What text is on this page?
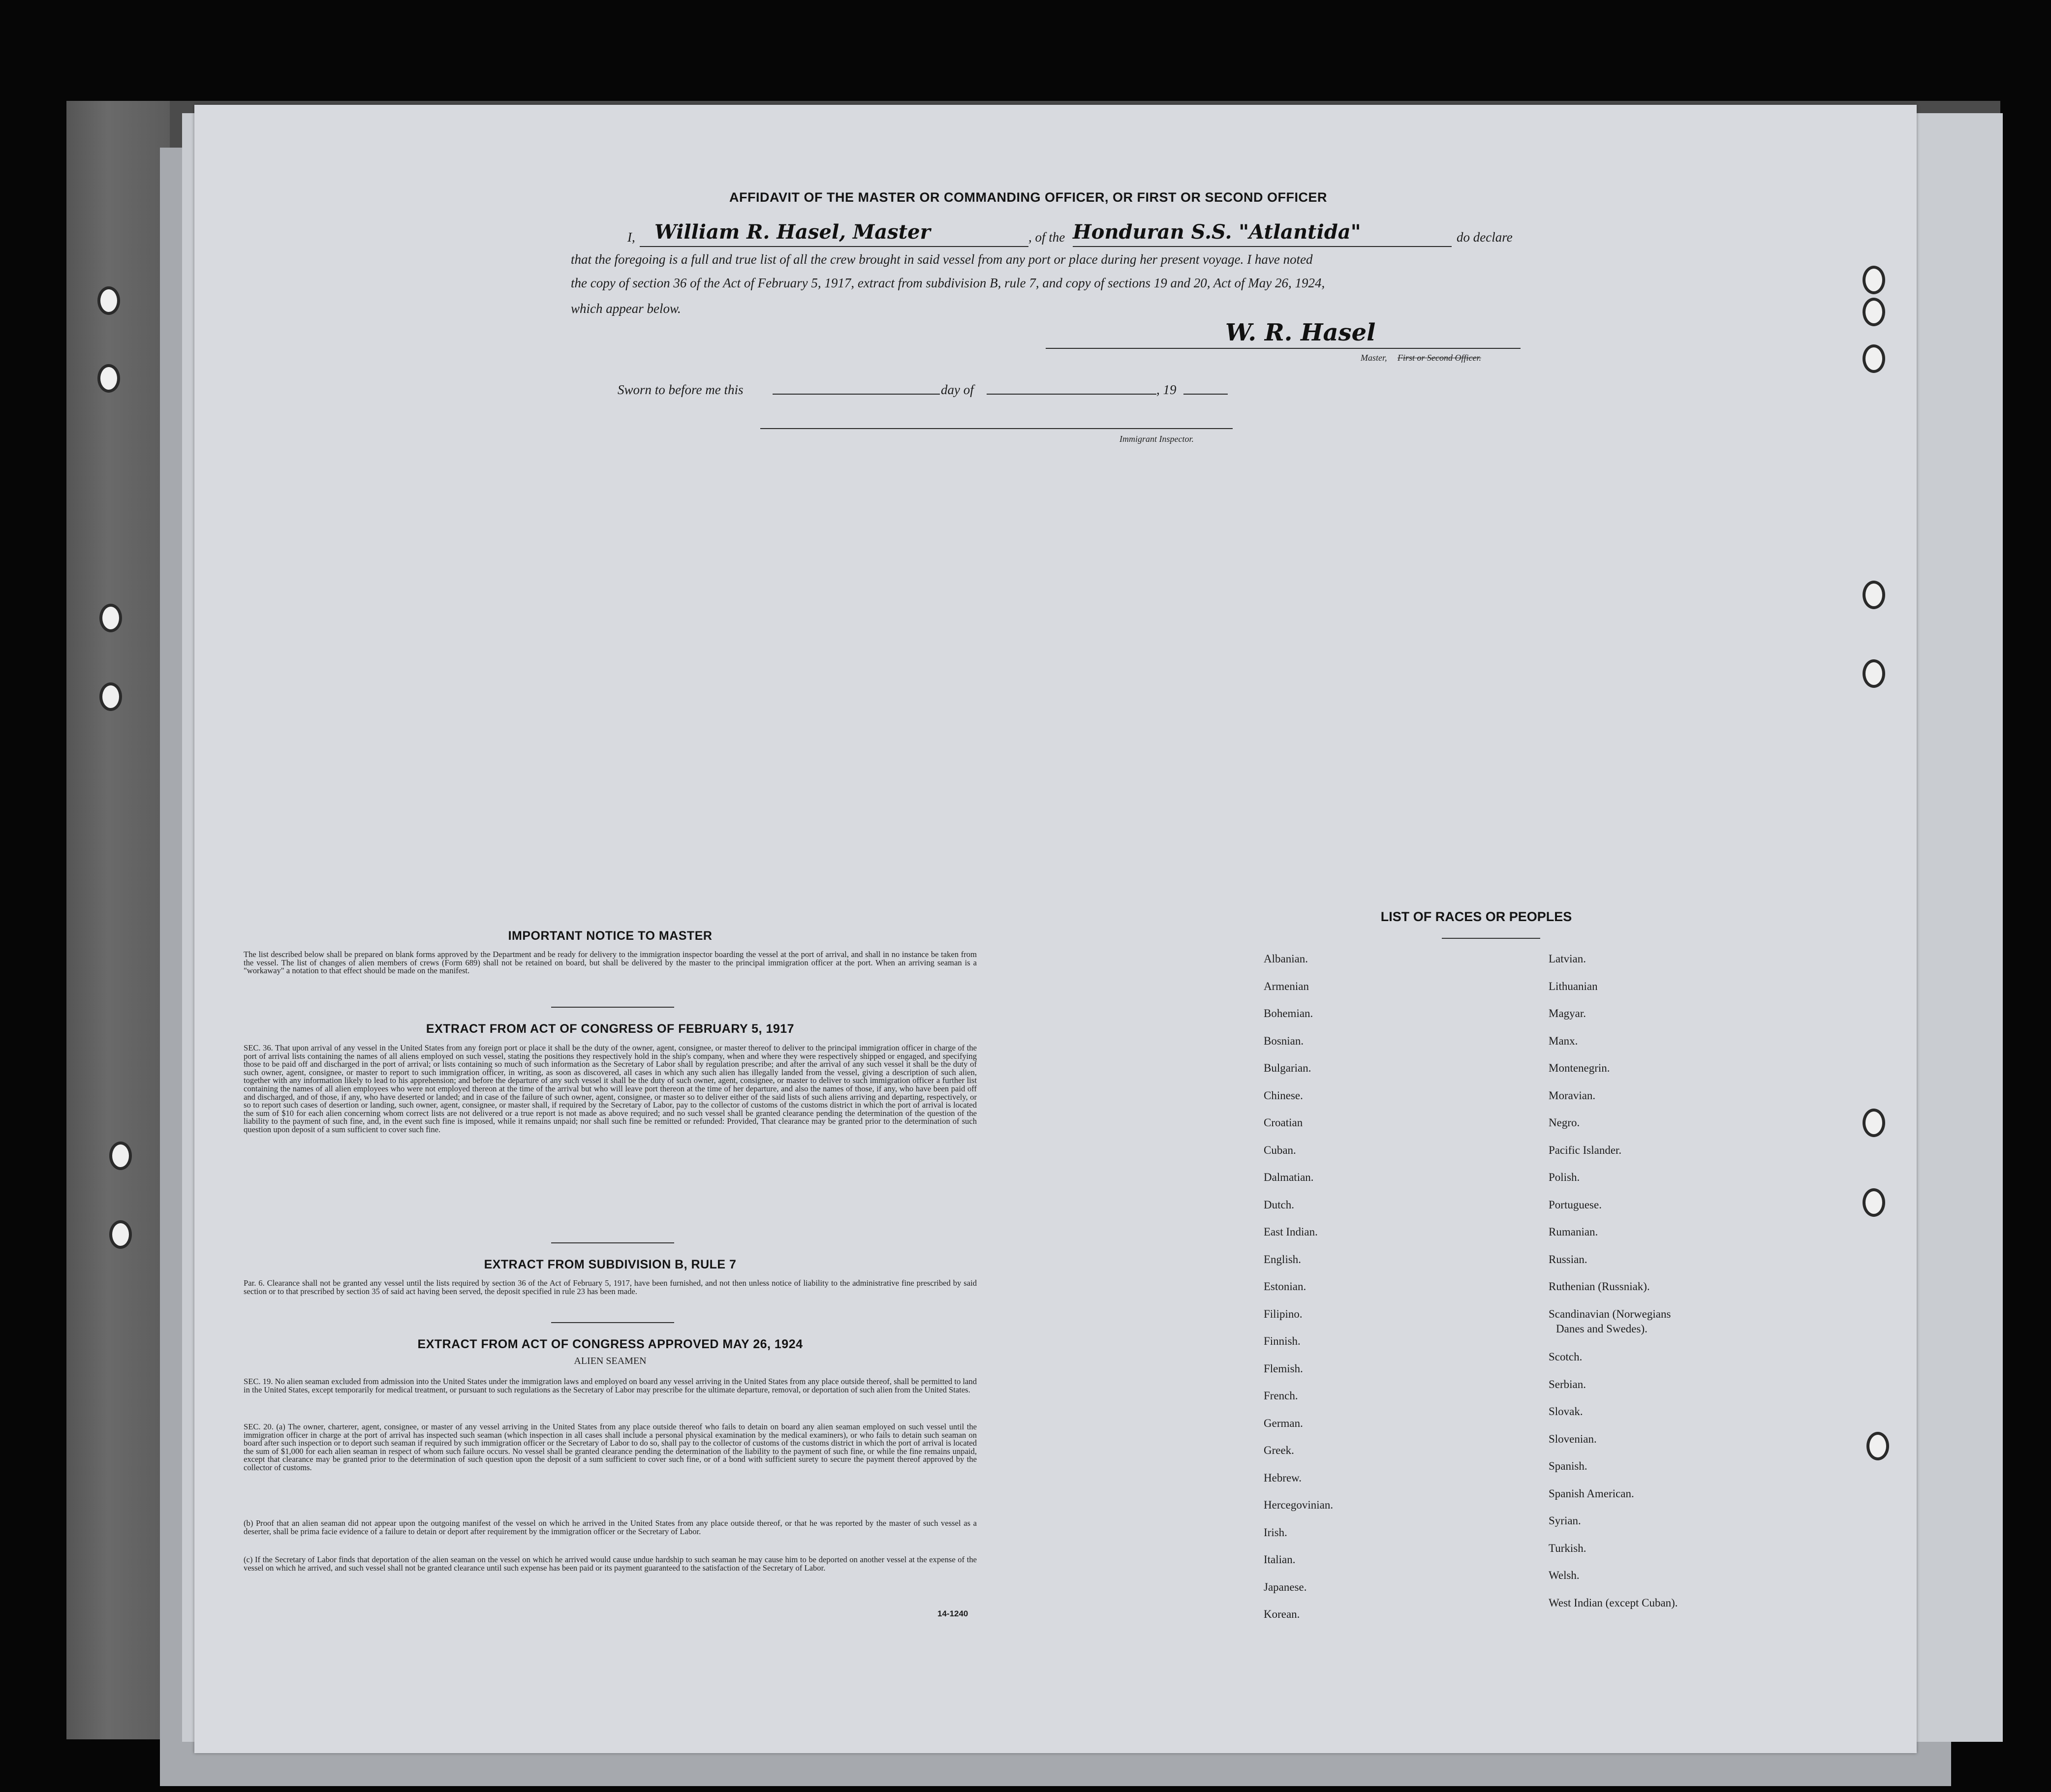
AFFIDAVIT OF THE MASTER OR COMMANDING OFFICER, OR FIRST OR SECOND OFFICER
I, William R. Hasel, Master	, of the Honduran S.S. "Atlantida"	do declare
that the foregoing is a full and true list of all the crew brought in said vessel from any port or place during her present voyage. I have noted
the copy of section 36 of the Act of February 5, 1917, extract from subdivision B, rule 7, and copy of sections 19 and 20, Act of May 26, 1924,
which appear below.
W. R. Hasel
Master, First or Second Officer.
Sworn to before me this	day of	, 19
Immigrant Inspector.
IMPORTANT NOTICE TO MASTER
The list described below shall be prepared on blank forms approved by the Department and be ready for delivery to the immigration inspector boarding the vessel at the port of arrival, and shall in no instance be taken from the vessel. The list of changes of alien members of crews (Form 689) shall not be retained on board, but shall be delivered by the master to the principal immigration officer at the port. When an arriving seaman is a "workaway" a notation to that effect should be made on the manifest.
EXTRACT FROM ACT OF CONGRESS OF FEBRUARY 5, 1917
SEC. 36. That upon arrival of any vessel in the United States from any foreign port or place it shall be the duty of the owner, agent, consignee, or master thereof to deliver to the principal immigration officer in charge of the port of arrival lists containing the names of all aliens employed on such vessel, stating the positions they respectively hold in the ship's company, when and where they were respectively shipped or engaged, and specifying those to be paid off and discharged in the port of arrival; or lists containing so much of such information as the Secretary of Labor shall by regulation prescribe; and after the arrival of any such vessel it shall be the duty of such owner, agent, consignee, or master to report to such immigration officer, in writing, as soon as discovered, all cases in which any such alien has illegally landed from the vessel, giving a description of such alien, together with any information likely to lead to his apprehension; and before the departure of any such vessel it shall be the duty of such owner, agent, consignee, or master to deliver to such immigration officer a further list containing the names of all alien employees who were not employed thereon at the time of the arrival but who will leave port thereon at the time of her departure, and also the names of those, if any, who have been paid off and discharged, and of those, if any, who have deserted or landed; and in case of the failure of such owner, agent, consignee, or master so to deliver either of the said lists of such aliens arriving and departing, respectively, or so to report such cases of desertion or landing, such owner, agent, consignee, or master shall, if required by the Secretary of Labor, pay to the collector of customs of the customs district in which the port of arrival is located the sum of $10 for each alien concerning whom correct lists are not delivered or a true report is not made as above required; and no such vessel shall be granted clearance pending the determination of the question of the liability to the payment of such fine, and, in the event such fine is imposed, while it remains unpaid; nor shall such fine be remitted or refunded: Provided, That clearance may be granted prior to the determination of such question upon deposit of a sum sufficient to cover such fine.
EXTRACT FROM SUBDIVISION B, RULE 7
Par. 6. Clearance shall not be granted any vessel until the lists required by section 36 of the Act of February 5, 1917, have been furnished, and not then unless notice of liability to the administrative fine prescribed by said section or to that prescribed by section 35 of said act having been served, the deposit specified in rule 23 has been made.
EXTRACT FROM ACT OF CONGRESS APPROVED MAY 26, 1924
ALIEN SEAMEN
SEC. 19. No alien seaman excluded from admission into the United States under the immigration laws and employed on board any vessel arriving in the United States from any place outside thereof, shall be permitted to land in the United States, except temporarily for medical treatment, or pursuant to such regulations as the Secretary of Labor may prescribe for the ultimate departure, removal, or deportation of such alien from the United States.
SEC. 20. (a) The owner, charterer, agent, consignee, or master of any vessel arriving in the United States from any place outside thereof who fails to detain on board any alien seaman employed on such vessel until the immigration officer in charge at the port of arrival has inspected such seaman (which inspection in all cases shall include a personal physical examination by the medical examiners), or who fails to detain such seaman on board after such inspection or to deport such seaman if required by such immigration officer or the Secretary of Labor to do so, shall pay to the collector of customs of the customs district in which the port of arrival is located the sum of $1,000 for each alien seaman in respect of whom such failure occurs. No vessel shall be granted clearance pending the determination of the liability to the payment of such fine, or while the fine remains unpaid, except that clearance may be granted prior to the determination of such question upon the deposit of a sum sufficient to cover such fine, or of a bond with sufficient surety to secure the payment thereof approved by the collector of customs.
(b) Proof that an alien seaman did not appear upon the outgoing manifest of the vessel on which he arrived in the United States from any place outside thereof, or that he was reported by the master of such vessel as a deserter, shall be prima facie evidence of a failure to detain or deport after requirement by the immigration officer or the Secretary of Labor.
(c) If the Secretary of Labor finds that deportation of the alien seaman on the vessel on which he arrived would cause undue hardship to such seaman he may cause him to be deported on another vessel at the expense of the vessel on which he arrived, and such vessel shall not be granted clearance until such expense has been paid or its payment guaranteed to the satisfaction of the Secretary of Labor.
14-1240
LIST OF RACES OR PEOPLES
Albanian.
Armenian
Bohemian.
Bosnian.
Bulgarian.
Chinese.
Croatian
Cuban.
Dalmatian.
Dutch.
East Indian.
English.
Estonian.
Filipino.
Finnish.
Flemish.
French.
German.
Greek.
Hebrew.
Hercegovinian.
Irish.
Italian.
Japanese.
Korean.
Latvian.
Lithuanian
Magyar.
Manx.
Montenegrin.
Moravian.
Negro.
Pacific Islander.
Polish.
Portuguese.
Rumanian.
Russian.
Ruthenian (Russniak).
Scandinavian (Norwegians
Danes and Swedes).
Scotch.
Serbian.
Slovak.
Slovenian.
Spanish.
Spanish American.
Syrian.
Turkish.
Welsh.
West Indian (except Cuban).
